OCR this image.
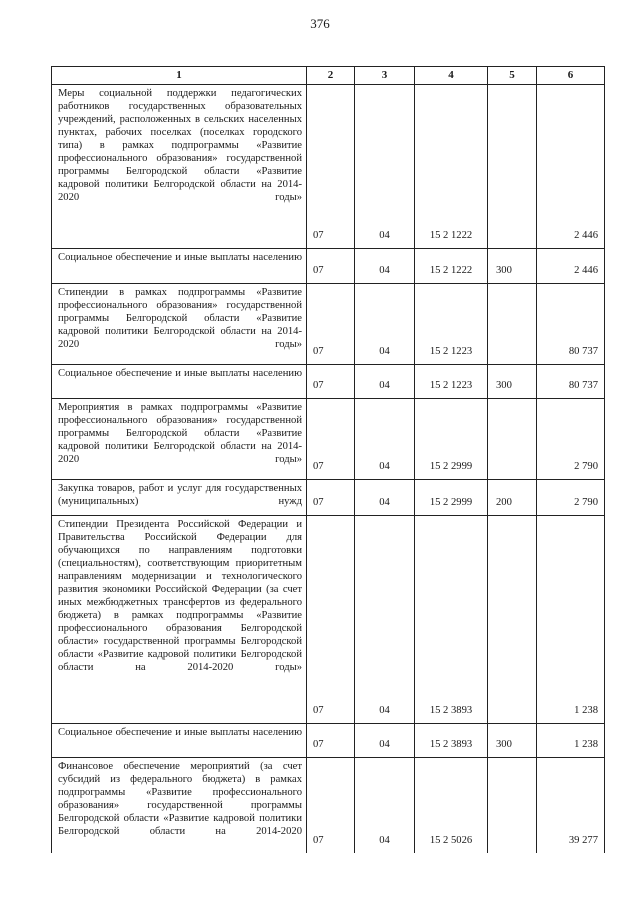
376
1	2	3	4	5	6
Меры социальной поддержки педагогических работников государственных образовательных учреждений, расположенных в сельских населенных пунктах, рабочих поселках (поселках городского типа) в рамках подпрограммы «Развитие профессионального образования» государственной программы Белгородской области «Развитие кадровой политики Белгородской области на 2014-2020 годы»	07	04	15 2 1222		2 446
Социальное обеспечение и иные выплаты населению	07	04	15 2 1222	300	2 446
Стипендии в рамках подпрограммы «Развитие профессионального образования» государственной программы Белгородской области «Развитие кадровой политики Белгородской области на 2014-2020 годы»	07	04	15 2 1223		80 737
Социальное обеспечение и иные выплаты населению	07	04	15 2 1223	300	80 737
Мероприятия в рамках подпрограммы «Развитие профессионального образования» государственной программы Белгородской области «Развитие кадровой политики Белгородской области на 2014-2020 годы»	07	04	15 2 2999		2 790
Закупка товаров, работ и услуг для государственных (муниципальных) нужд	07	04	15 2 2999	200	2 790
Стипендии Президента Российской Федерации и Правительства Российской Федерации для обучающихся по направлениям подготовки (специальностям), соответствующим приоритетным направлениям модернизации и технологического развития экономики Российской Федерации (за счет иных межбюджетных трансфертов из федерального бюджета) в рамках подпрограммы «Развитие профессионального образования Белгородской области» государственной программы Белгородской области «Развитие кадровой политики Белгородской области на 2014-2020 годы»	07	04	15 2 3893		1 238
Социальное обеспечение и иные выплаты населению	07	04	15 2 3893	300	1 238
Финансовое обеспечение мероприятий (за счет субсидий из федерального бюджета) в рамках подпрограммы «Развитие профессионального образования» государственной программы Белгородской области «Развитие кадровой политики Белгородской области на 2014-2020	07	04	15 2 5026		39 277
